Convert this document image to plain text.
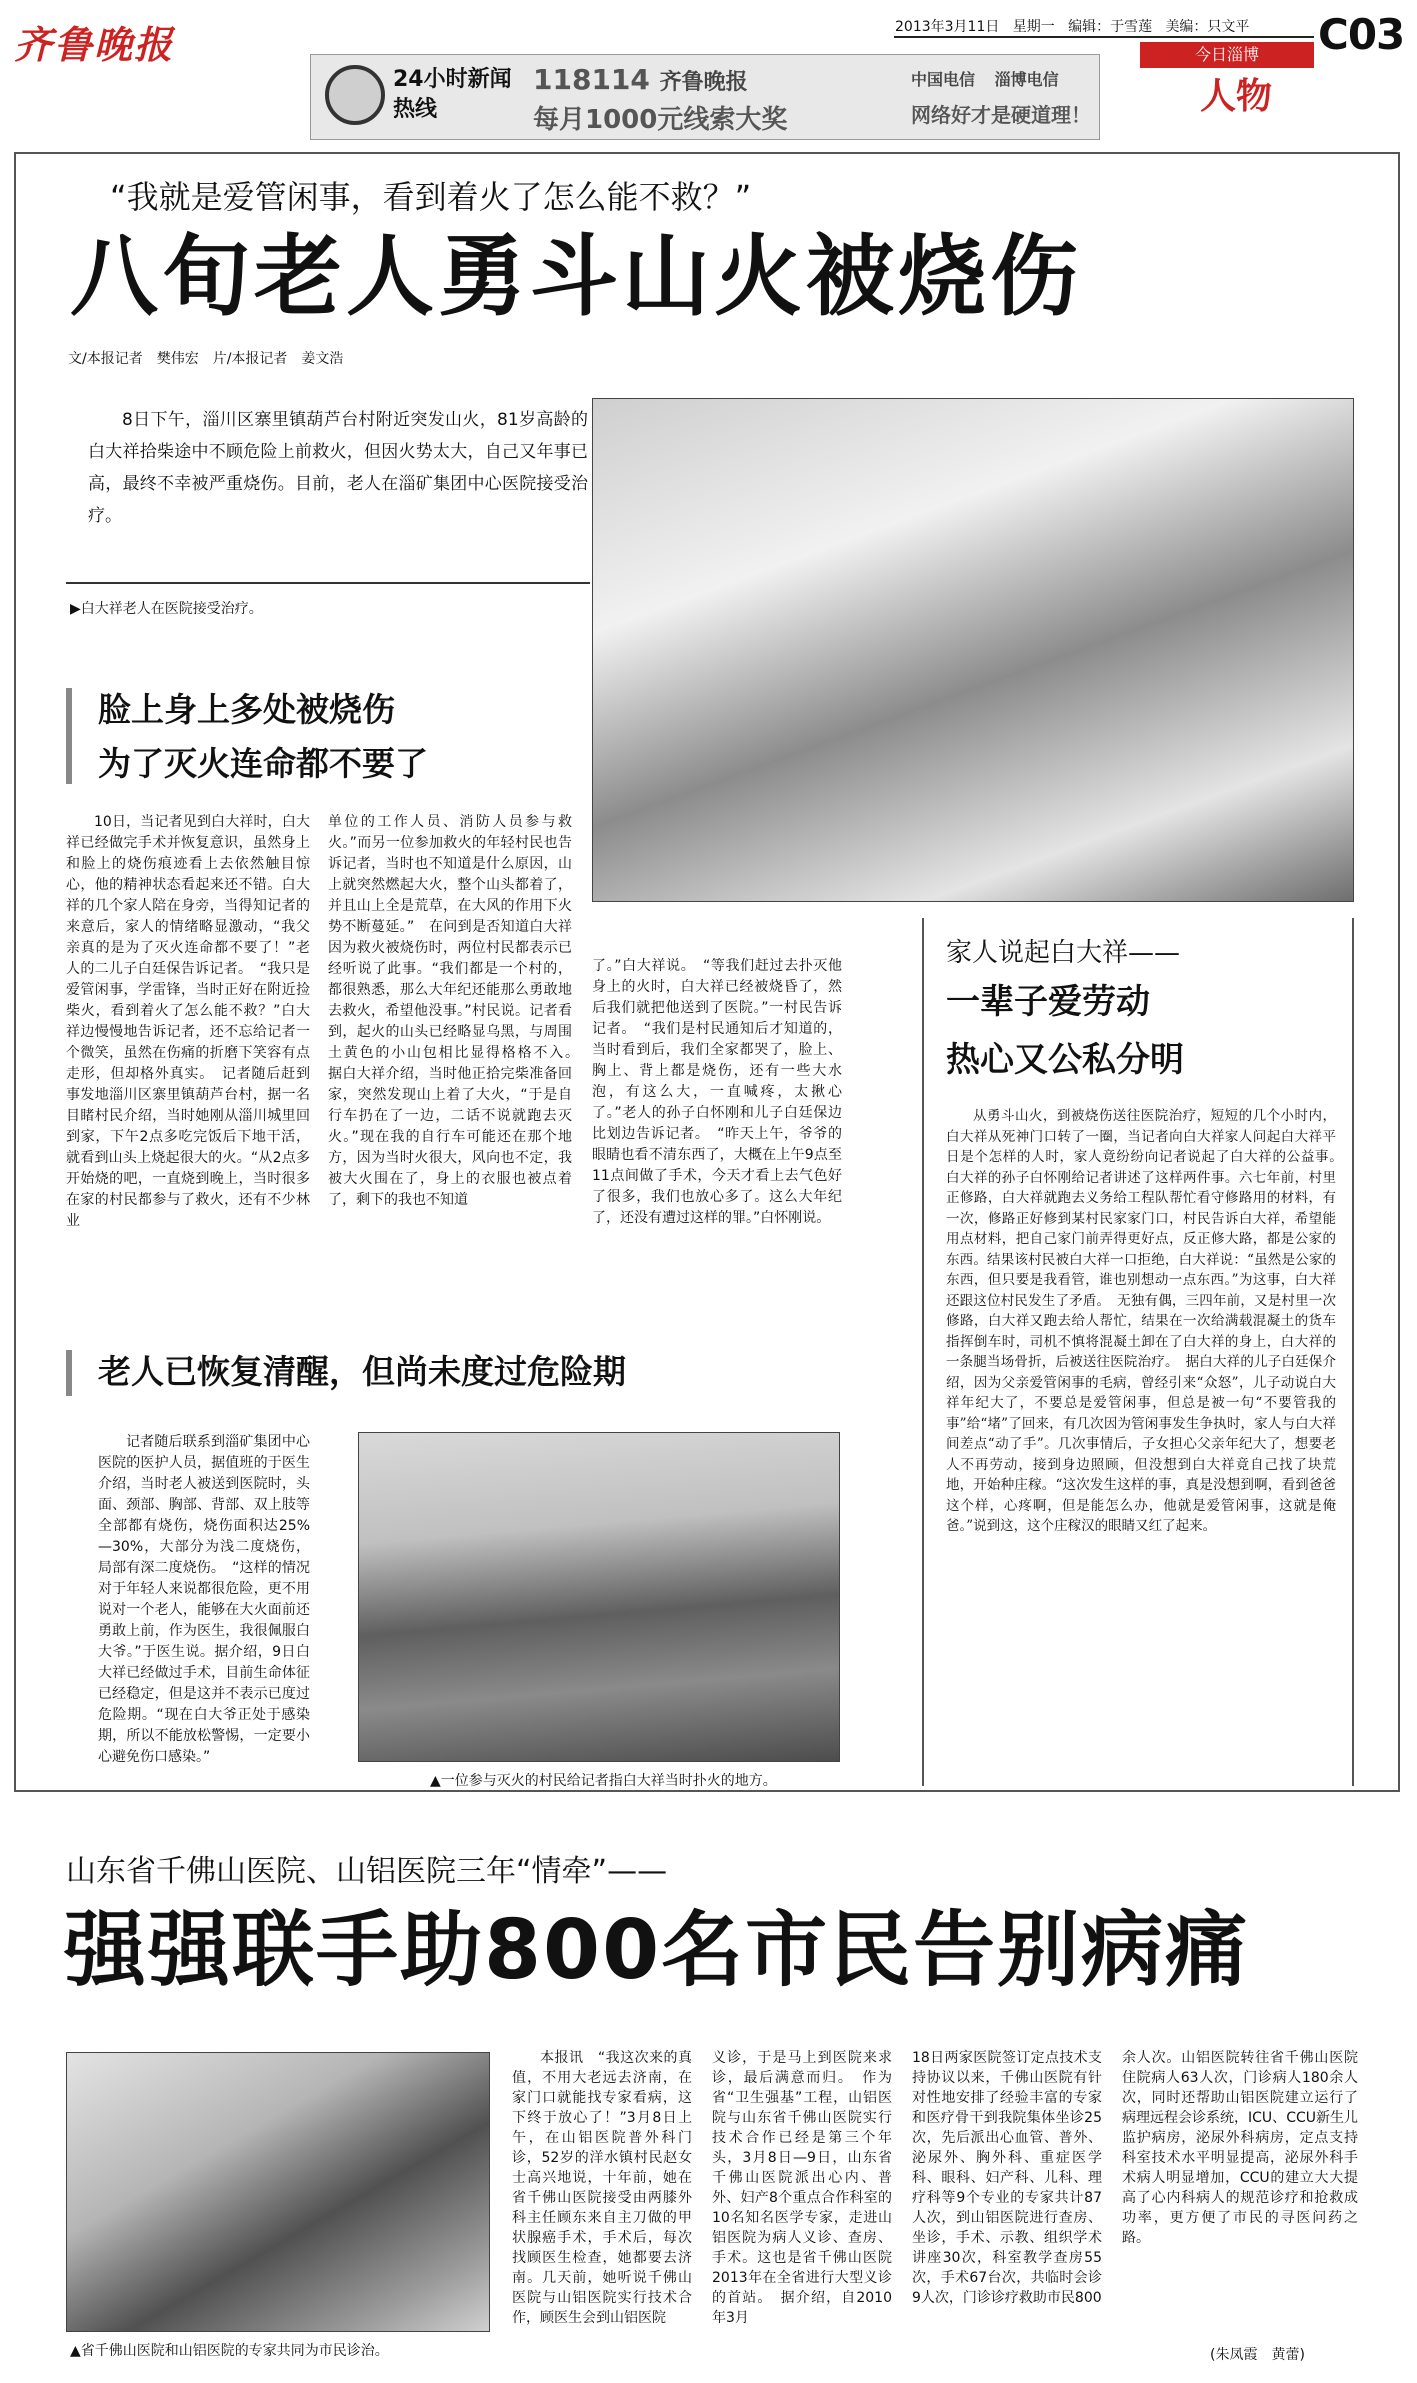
齐鲁晚报	2013年3月11日 星期一 编辑：于雪莲 美编：只文平 C03
今日淄博
人物
24小时新闻热线
118114 齐鲁晚报
每月1000元线索大奖
中国电信 淄博电信
网络好才是硬道理！
“我就是爱管闲事，看到着火了怎么能不救？”
八旬老人勇斗山火被烧伤
文/本报记者　樊伟宏　片/本报记者　姜文浩

8日下午，淄川区寨里镇葫芦台村附近突发山火，81岁高龄的白大祥拾柴途中不顾危险上前救火，但因火势太大，自己又年事已高，最终不幸被严重烧伤。目前，老人在淄矿集团中心医院接受治疗。

▶白大祥老人在医院接受治疗。
脸上身上多处被烧伤
为了灭火连命都不要了

10日，当记者见到白大祥时，白大祥已经做完手术并恢复意识，虽然身上和脸上的烧伤痕迹看上去依然触目惊心，他的精神状态看起来还不错。白大祥的几个家人陪在身旁，当得知记者的来意后，家人的情绪略显激动，“我父亲真的是为了灭火连命都不要了！”老人的二儿子白廷保告诉记者。　“我只是爱管闲事，学雷锋，当时正好在附近捡柴火，看到着火了怎么能不救？”白大祥边慢慢地告诉记者，还不忘给记者一个微笑，虽然在伤痛的折磨下笑容有点走形，但却格外真实。　记者随后赶到事发地淄川区寨里镇葫芦台村，据一名目睹村民介绍，当时她刚从淄川城里回到家，下午2点多吃完饭后下地干活，就看到山头上烧起很大的火。“从2点多开始烧的吧，一直烧到晚上，当时很多在家的村民都参与了救火，还有不少林业

单位的工作人员、消防人员参与救火。”而另一位参加救火的年轻村民也告诉记者，当时也不知道是什么原因，山上就突然燃起大火，整个山头都着了，并且山上全是荒草，在大风的作用下火势不断蔓延。”　在问到是否知道白大祥因为救火被烧伤时，两位村民都表示已经听说了此事。“我们都是一个村的，都很熟悉，那么大年纪还能那么勇敢地去救火，希望他没事。”村民说。记者看到，起火的山头已经略显乌黑，与周围土黄色的小山包相比显得格格不入。　据白大祥介绍，当时他正拾完柴准备回家，突然发现山上着了大火，“于是自行车扔在了一边，二话不说就跑去灭火。”现在我的自行车可能还在那个地方，因为当时火很大，风向也不定，我被大火围在了，身上的衣服也被点着了，剩下的我也不知道

了。”白大祥说。　“等我们赶过去扑灭他身上的火时，白大祥已经被烧昏了，然后我们就把他送到了医院。”一村民告诉记者。　“我们是村民通知后才知道的，当时看到后，我们全家都哭了，脸上、胸上、背上都是烧伤，还有一些大水泡，有这么大，一直喊疼，太揪心了。”老人的孙子白怀刚和儿子白廷保边比划边告诉记者。　“昨天上午，爷爷的眼睛也看不清东西了，大概在上午9点至11点间做了手术，今天才看上去气色好了很多，我们也放心多了。这么大年纪了，还没有遭过这样的罪。”白怀刚说。

老人已恢复清醒，但尚未度过危险期

记者随后联系到淄矿集团中心医院的医护人员，据值班的于医生介绍，当时老人被送到医院时，头面、颈部、胸部、背部、双上肢等全部都有烧伤，烧伤面积达25%—30%，大部分为浅二度烧伤，局部有深二度烧伤。　“这样的情况对于年轻人来说都很危险，更不用说对一个老人，能够在大火面前还勇敢上前，作为医生，我很佩服白大爷。”于医生说。据介绍，9日白大祥已经做过手术，目前生命体征已经稳定，但是这并不表示已度过危险期。“现在白大爷正处于感染期，所以不能放松警惕，一定要小心避免伤口感染。”

▲一位参与灭火的村民给记者指白大祥当时扑火的地方。
家人说起白大祥——
一辈子爱劳动
热心又公私分明

从勇斗山火，到被烧伤送往医院治疗，短短的几个小时内，白大祥从死神门口转了一圈，当记者向白大祥家人问起白大祥平日是个怎样的人时，家人竟纷纷向记者说起了白大祥的公益事。　白大祥的孙子白怀刚给记者讲述了这样两件事。六七年前，村里正修路，白大祥就跑去义务给工程队帮忙看守修路用的材料，有一次，修路正好修到某村民家家门口，村民告诉白大祥，希望能用点材料，把自己家门前弄得更好点，反正修大路，都是公家的东西。结果该村民被白大祥一口拒绝，白大祥说：“虽然是公家的东西，但只要是我看管，谁也别想动一点东西。”为这事，白大祥还跟这位村民发生了矛盾。　无独有偶，三四年前，又是村里一次修路，白大祥又跑去给人帮忙，结果在一次给满载混凝土的货车指挥倒车时，司机不慎将混凝土卸在了白大祥的身上，白大祥的一条腿当场骨折，后被送往医院治疗。　据白大祥的儿子白廷保介绍，因为父亲爱管闲事的毛病，曾经引来“众怒”，儿子动说白大祥年纪大了，不要总是爱管闲事，但总是被一句“不要管我的事”给“堵”了回来，有几次因为管闲事发生争执时，家人与白大祥间差点“动了手”。几次事情后，子女担心父亲年纪大了，想要老人不再劳动，接到身边照顾，但没想到白大祥竟自己找了块荒地，开始种庄稼。“这次发生这样的事，真是没想到啊，看到爸爸这个样，心疼啊，但是能怎么办，他就是爱管闲事，这就是俺爸。”说到这，这个庄稼汉的眼睛又红了起来。

山东省千佛山医院、山铝医院三年“情牵”——
强强联手助800名市民告别病痛
▲省千佛山医院和山铝医院的专家共同为市民诊治。

本报讯　“我这次来的真值，不用大老远去济南，在家门口就能找专家看病，这下终于放心了！”3月8日上午，在山铝医院普外科门诊，52岁的洋水镇村民赵女士高兴地说，十年前，她在省千佛山医院接受由两膝外科主任顾东来自主刀做的甲状腺癌手术，手术后，每次找顾医生检查，她都要去济南。几天前，她听说千佛山医院与山铝医院实行技术合作，顾医生会到山铝医院

义诊，于是马上到医院来求诊，最后满意而归。　作为省“卫生强基”工程，山铝医院与山东省千佛山医院实行技术合作已经是第三个年头，3月8日—9日，山东省千佛山医院派出心内、普外、妇产8个重点合作科室的10名知名医学专家，走进山铝医院为病人义诊、查房、手术。这也是省千佛山医院2013年在全省进行大型义诊的首站。　据介绍，自2010年3月

18日两家医院签订定点技术支持协议以来，千佛山医院有针对性地安排了经验丰富的专家和医疗骨干到我院集体坐诊25次，先后派出心血管、普外、泌尿外、胸外科、重症医学科、眼科、妇产科、儿科、理疗科等9个专业的专家共计87人次，到山铝医院进行查房、坐诊，手术、示教、组织学术讲座30次，科室教学查房55次，手术67台次，共临时会诊9人次，门诊诊疗救助市民800

余人次。山铝医院转往省千佛山医院住院病人63人次，门诊病人180余人次，同时还帮助山铝医院建立运行了病理远程会诊系统，ICU、CCU新生儿监护病房，泌尿外科病房，定点支持科室技术水平明显提高，泌尿外科手术病人明显增加，CCU的建立大大提高了心内科病人的规范诊疗和抢救成功率，更方便了市民的寻医问药之路。

(朱凤霞　黄蕾)
